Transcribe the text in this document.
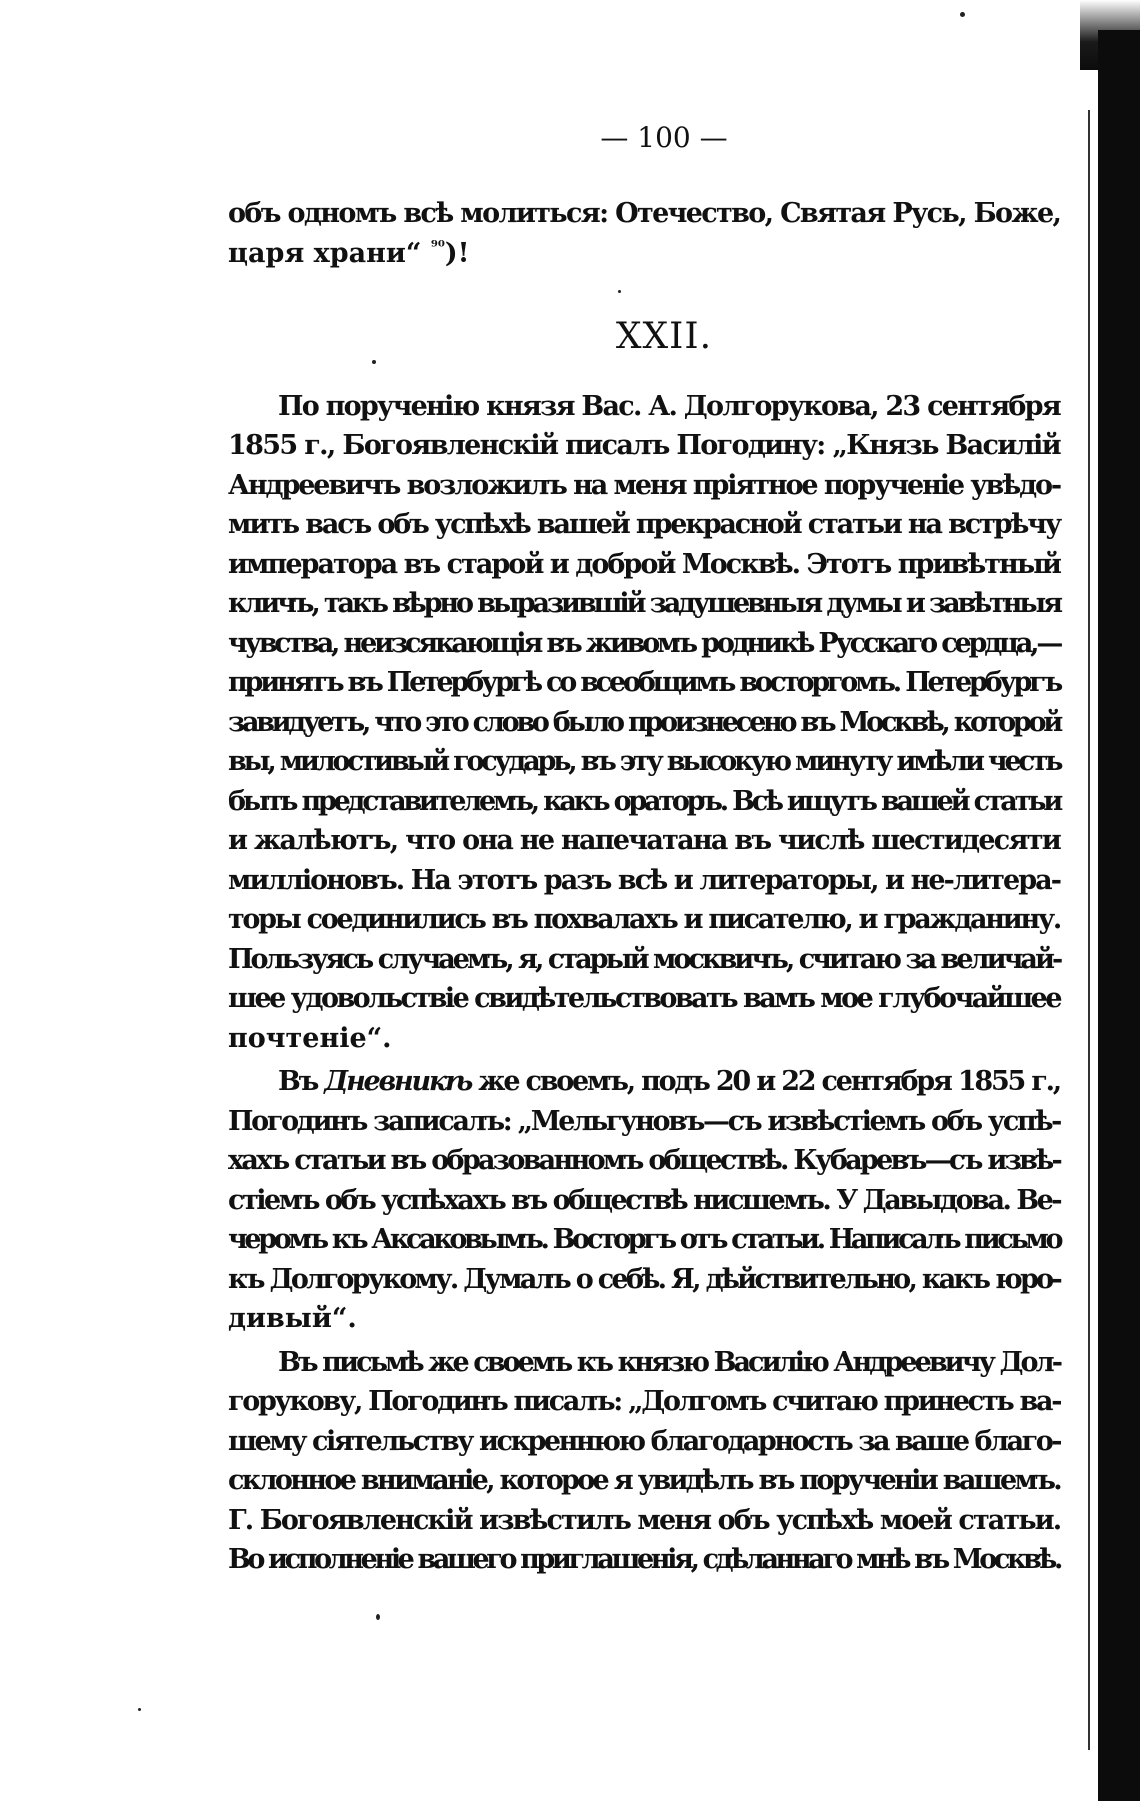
— 100 —
объ одномъ всѣ молиться: Отечество, Святая Русь, Боже,
царя храни“ $^{^{90}}$)!
XXII.
По порученію князя Вас. А. Долгорукова, 23 сентября
1855 г., Богоявленскій писалъ Погодину: „Князь Василій
Андреевичъ возложилъ на меня пріятное порученіе увѣдо-
мить васъ объ успѣхѣ вашей прекрасной статьи на встрѣчу
императора въ старой и доброй Москвѣ. Этотъ привѣтный
кличъ, такъ вѣрно выразившій задушевныя думы и завѣтныя
чувства, неизсякающія въ живомъ родникѣ Русскаго сердца,—
принятъ въ Петербургѣ со всеобщимъ восторгомъ. Петербургъ
завидуетъ, что это слово было произнесено въ Москвѣ, которой
вы, милостивый государь, въ эту высокую минуту имѣли честь
быть представителемъ, какъ ораторъ. Всѣ ищутъ вашей статьи
и жалѣютъ, что она не напечатана въ числѣ шестидесяти
милліоновъ. На этотъ разъ всѣ и литераторы, и не-литера-
торы соединились въ похвалахъ и писателю, и гражданину.
Пользуясь случаемъ, я, старый москвичъ, считаю за величай-
шее удовольствіе свидѣтельствовать вамъ мое глубочайшее
почтеніе“.
Въ Дневникѣ же своемъ, подъ 20 и 22 сентября 1855 г.,
Погодинъ записалъ: „Мельгуновъ—съ извѣстіемъ объ успѣ-
хахъ статьи въ образованномъ обществѣ. Кубаревъ—съ извѣ-
стіемъ объ успѣхахъ въ обществѣ нисшемъ. У Давыдова. Ве-
черомъ къ Аксаковымъ. Восторгъ отъ статьи. Написалъ письмо
къ Долгорукому. Думалъ о себѣ. Я, дѣйствительно, какъ юро-
дивый“.
Въ письмѣ же своемъ къ князю Василію Андреевичу Дол-
горукову, Погодинъ писалъ: „Долгомъ считаю принесть ва-
шему сіятельству искреннюю благодарность за ваше благо-
склонное вниманіе, которое я увидѣлъ въ порученіи вашемъ.
Г. Богоявленскій извѣстилъ меня объ успѣхѣ моей статьи.
Во исполненіе вашего приглашенія, сдѣланнаго мнѣ въ Москвѣ.
